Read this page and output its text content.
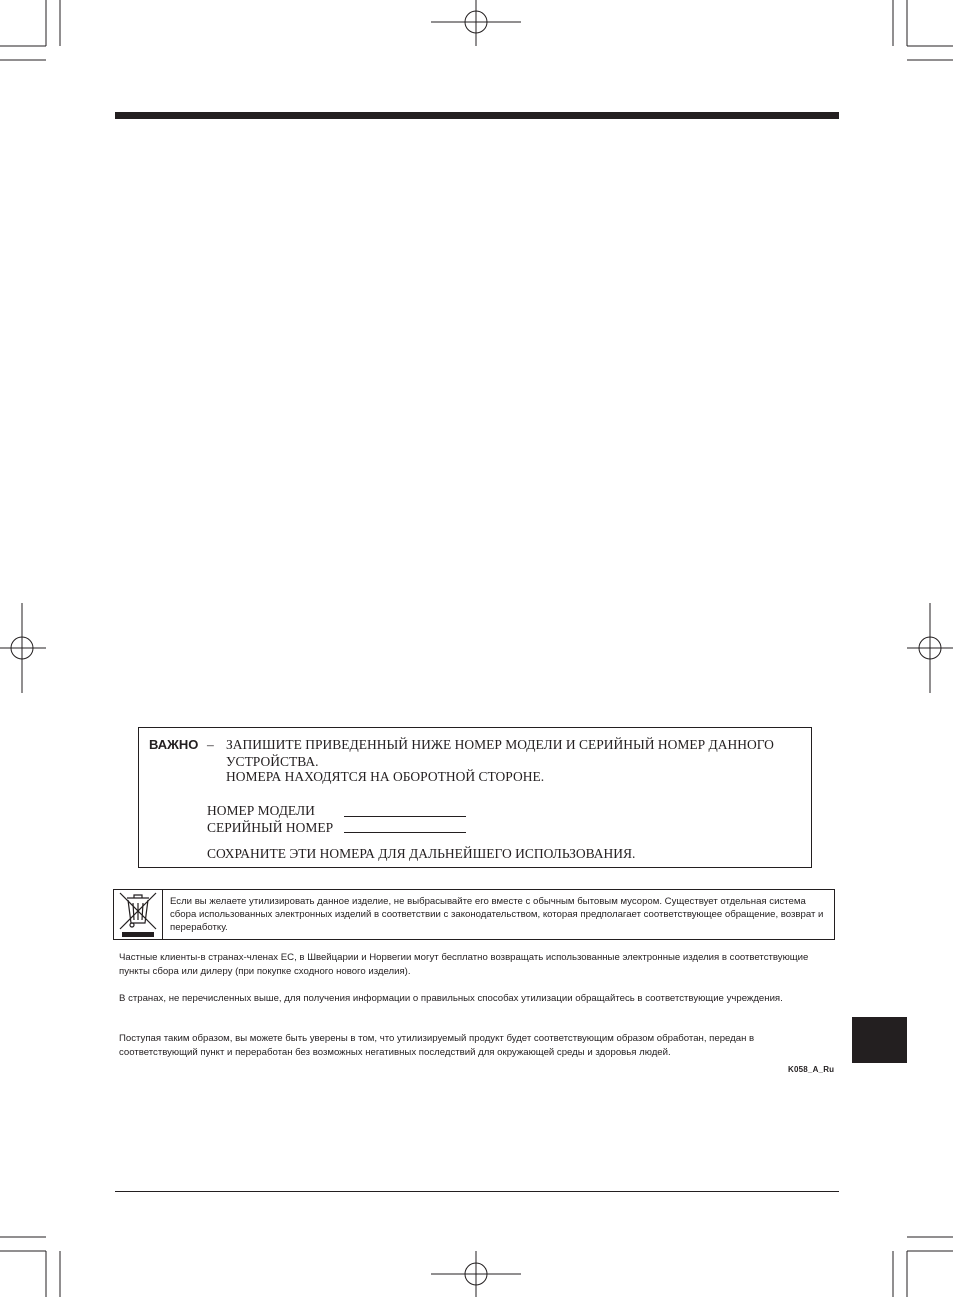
ВАЖНО – ЗАПИШИТЕ ПРИВЕДЕННЫЙ НИЖЕ НОМЕР МОДЕЛИ И СЕРИЙНЫЙ НОМЕР ДАННОГО УСТРОЙСТВА.
НОМЕРА НАХОДЯТСЯ НА ОБОРОТНОЙ СТОРОНЕ.
НОМЕР МОДЕЛИ
СЕРИЙНЫЙ НОМЕР
СОХРАНИТЕ ЭТИ НОМЕРА ДЛЯ ДАЛЬНЕЙШЕГО ИСПОЛЬЗОВАНИЯ.
Если вы желаете утилизировать данное изделие, не выбрасывайте его вместе с обычным бытовым мусором. Существует отдельная система сбора использованных электронных изделий в соответствии с законодательством, которая предполагает соответствующее обращение, возврат и переработку.
Частные клиенты-в странах-членах ЕС, в Швейцарии и Норвегии могут бесплатно возвращать использованные электронные изделия в соответствующие пункты сбора или дилеру (при покупке сходного нового изделия).
В странах, не перечисленных выше, для получения информации о правильных способах утилизации обращайтесь в соответствующие учреждения.
Поступая таким образом, вы можете быть уверены в том, что утилизируемый продукт будет соответствующим образом обработан, передан в соответствующий пункт и переработан без возможных негативных последствий для окружающей среды и здоровья людей.
K058_A_Ru
